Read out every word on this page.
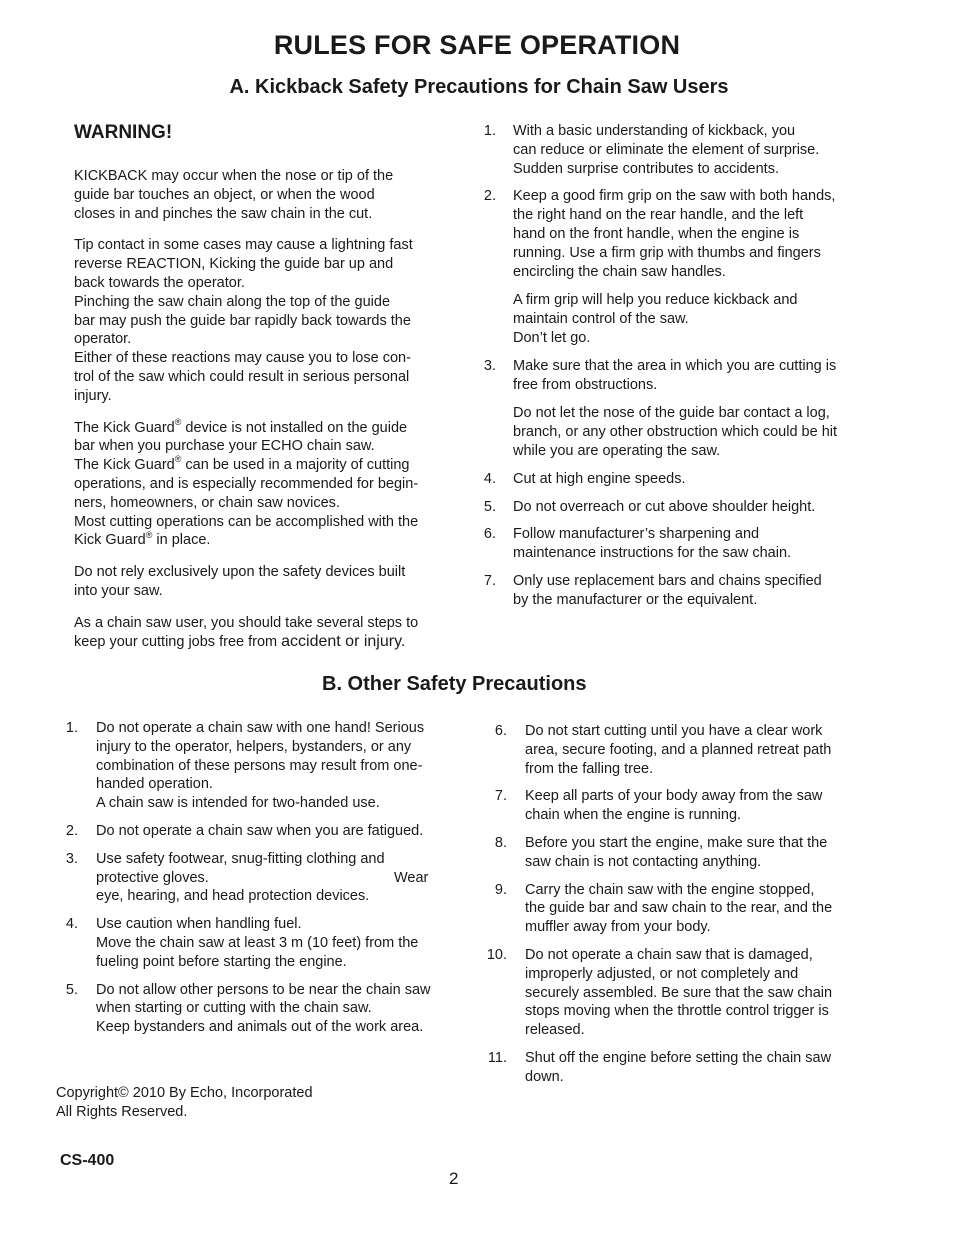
RULES FOR SAFE OPERATION
A. Kickback Safety Precautions for Chain Saw Users
WARNING!

KICKBACK may occur when the nose or tip of the
guide bar touches an object, or when the wood
closes in and pinches the saw chain in the cut.

Tip contact in some cases may cause a lightning fast
reverse REACTION, Kicking the guide bar up and
back towards the operator.
Pinching the saw chain along the top of the guide
bar may push the guide bar rapidly back towards the
operator.
Either of these reactions may cause you to lose con-
trol of the saw which could result in serious personal
injury.

The Kick Guard® device is not installed on the guide
bar when you purchase your ECHO chain saw.
The Kick Guard® can be used in a majority of cutting
operations, and is especially recommended for begin-
ners, homeowners, or chain saw novices.
Most cutting operations can be accomplished with the
Kick Guard® in place.

Do not rely exclusively upon the safety devices built
into your saw.

As a chain saw user, you should take several steps to
keep your cutting jobs free from accident or injury.

1. With a basic understanding of kickback, you
can reduce or eliminate the element of surprise.
Sudden surprise contributes to accidents.
2. Keep a good firm grip on the saw with both hands,
the right hand on the rear handle, and the left
hand on the front handle, when the engine is
running. Use a firm grip with thumbs and fingers
encircling the chain saw handles.
A firm grip will help you reduce kickback and
maintain control of the saw.
Don’t let go.
3. Make sure that the area in which you are cutting is
free from obstructions.
Do not let the nose of the guide bar contact a log,
branch, or any other obstruction which could be hit
while you are operating the saw.
4. Cut at high engine speeds.
5. Do not overreach or cut above shoulder height.
6. Follow manufacturer’s sharpening and
maintenance instructions for the saw chain.
7. Only use replacement bars and chains specified
by the manufacturer or the equivalent.
B. Other Safety Precautions
1. Do not operate a chain saw with one hand! Serious
injury to the operator, helpers, bystanders, or any
combination of these persons may result from one-
handed operation.
A chain saw is intended for two-handed use.
2. Do not operate a chain saw when you are fatigued.
3. Use safety footwear, snug-fitting clothing and
protective gloves.	Wear
eye, hearing, and head protection devices.
4. Use caution when handling fuel.
Move the chain saw at least 3 m (10 feet) from the
fueling point before starting the engine.
5. Do not allow other persons to be near the chain saw
when starting or cutting with the chain saw.
Keep bystanders and animals out of the work area.
6. Do not start cutting until you have a clear work
area, secure footing, and a planned retreat path
from the falling tree.
7. Keep all parts of your body away from the saw
chain when the engine is running.
8. Before you start the engine, make sure that the
saw chain is not contacting anything.
9. Carry the chain saw with the engine stopped,
the guide bar and saw chain to the rear, and the
muffler away from your body.
10. Do not operate a chain saw that is damaged,
improperly adjusted, or not completely and
securely assembled. Be sure that the saw chain
stops moving when the throttle control trigger is
released.
11. Shut off the engine before setting the chain saw
down.
Copyright© 2010 By Echo, Incorporated
All Rights Reserved.
CS-400
2
